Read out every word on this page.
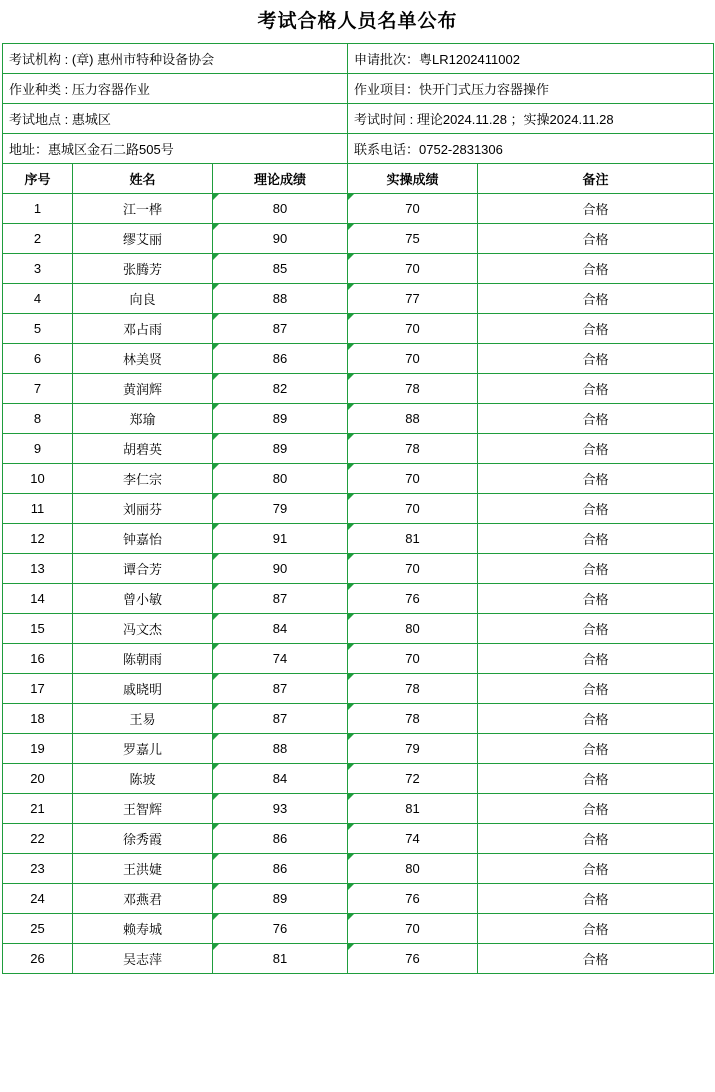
考试合格人员名单公布
考试机构 : (章) 惠州市特种设备协会			申请批次：粤LR1202411002	
作业种类 : 压力容器作业			作业项目：快开门式压力容器操作	
考试地点 : 惠城区			考试时间 : 理论2024.11.28 ；实操2024.11.28	
地址：惠城区金石二路505号			联系电话：0752-2831306	
序号	姓名	理论成绩	实操成绩	备注
1	江一桦	80	70	合格
2	缪艾丽	90	75	合格
3	张腾芳	85	70	合格
4	向良	88	77	合格
5	邓占雨	87	70	合格
6	林美贤	86	70	合格
7	黄润辉	82	78	合格
8	郑瑜	89	88	合格
9	胡碧英	89	78	合格
10	李仁宗	80	70	合格
11	刘丽芬	79	70	合格
12	钟嘉怡	91	81	合格
13	谭合芳	90	70	合格
14	曾小敏	87	76	合格
15	冯文杰	84	80	合格
16	陈朝雨	74	70	合格
17	戚晓明	87	78	合格
18	王易	87	78	合格
19	罗嘉儿	88	79	合格
20	陈坡	84	72	合格
21	王智辉	93	81	合格
22	徐秀霞	86	74	合格
23	王洪婕	86	80	合格
24	邓燕君	89	76	合格
25	赖寿城	76	70	合格
26	吴志萍	81	76	合格
